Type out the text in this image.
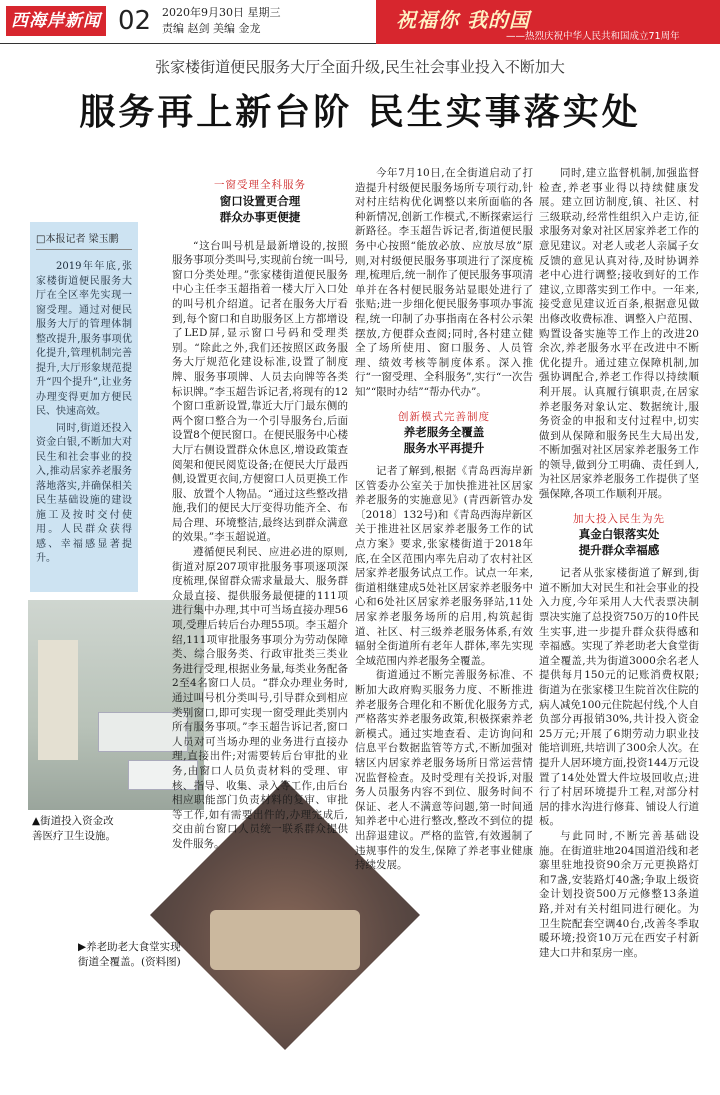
西海岸新闻 02 2020年9月30日 星期三
责编 赵剑 美编 金龙	祝福你 我的国
——热烈庆祝中华人民共和国成立71周年
张家楼街道便民服务大厅全面升级,民生社会事业投入不断加大
服务再上新台阶 民生实事落实处
□本报记者 梁玉鹏

2019年年底,张家楼街道便民服务大厅在全区率先实现一窗受理。通过对便民服务大厅的管理体制整改提升,服务事项优化提升,管理机制完善提升,大厅形象规范提升“四个提升”,让业务办理变得更加方便民民、快速高效。

同时,街道还投入资金白银,不断加大对民生和社会事业的投入,推动居家养老服务落地落实,并确保相关民生基础设施的建设施工及按时交付使用。人民群众获得感、幸福感显著提升。

▲街道投入资金改善医疗卫生设施。
▶养老助老大食堂实现街道全覆盖。(资料图)
一窗受理全科服务
窗口设置更合理
群众办事更便捷

“这台叫号机是最新增设的,按照服务事项分类叫号,实现前台统一叫号,窗口分类处理。”张家楼街道便民服务中心主任李玉超指着一楼大厅入口处的叫号机介绍道。记者在服务大厅看到,每个窗口和自助服务区上方都增设了LED屏,显示窗口号码和受理类别。“除此之外,我们还按照区政务服务大厅规范化建设标准,设置了制度牌、服务事项牌、人员去向牌等各类标识牌。”李玉超告诉记者,将现有的12个窗口重新设置,靠近大厅门最东侧的两个窗口整合为一个引导服务台,后面设置8个便民窗口。在便民服务中心楼大厅右侧设置群众休息区,增设政策查阅架和便民阅览设备;在便民大厅最西侧,设置更衣间,方便窗口人员更换工作服、放置个人物品。“通过这些整改措施,我们的便民大厅变得功能齐全、布局合理、环境整洁,最终达到群众满意的效果。”李玉超说道。

遵循便民利民、应进必进的原则,街道对原207项审批服务事项逐项深度梳理,保留群众需求量最大、服务群众最直接、提供服务最便捷的111项进行集中办理,其中可当场直接办理56项,受理后转后台办理55项。李玉超介绍,111项审批服务事项分为劳动保障类、综合服务类、行政审批类三类业务进行受理,根据业务量,每类业务配备2至4名窗口人员。“群众办理业务时,通过叫号机分类叫号,引导群众到相应类别窗口,即可实现一窗受理此类别内所有服务事项。”李玉超告诉记者,窗口人员对可当场办理的业务进行直接办理,直接出件;对需要转后台审批的业务,由窗口人员负责材料的受理、审核、指导、收集、录入等工作,由后台相应职能部门负责材料的复审、审批等工作,如有需要出件的,办理完成后,交由前台窗口人员统一联系群众提供发件服务。

今年7月10日,在全街道启动了打造提升村级便民服务场所专项行动,针对村庄结构优化调整以来所面临的各种新情况,创新工作模式,不断探索运行新路径。李玉超告诉记者,街道便民服务中心按照“能放必放、应放尽放”原则,对村级便民服务事项进行了深度梳理,梳理后,统一制作了便民服务事项清单并在各村便民服务站显眼处进行了张贴;进一步细化便民服务事项办事流程,统一印制了办事指南在各村公示架摆放,方便群众查阅;同时,各村建立健全了场所使用、窗口服务、人员管理、绩效考核等制度体系。深入推行“一窗受理、全科服务”,实行“一次告知”“限时办结”“帮办代办”。

创新模式完善制度
养老服务全覆盖
服务水平再提升

记者了解到,根据《青岛西海岸新区管委办公室关于加快推进社区居家养老服务的实施意见》(青西新管办发〔2018〕132号)和《青岛西海岸新区关于推进社区居家养老服务工作的试点方案》要求,张家楼街道于2018年底,在全区范围内率先启动了农村社区居家养老服务试点工作。试点一年来,街道相继建成5处社区居家养老服务中心和6处社区居家养老服务驿站,11处居家养老服务场所的启用,构筑起街道、社区、村三级养老服务体系,有效辐射全街道所有老年人群体,率先实现全域范围内养老服务全覆盖。

街道通过不断完善服务标准、不断加大政府购买服务力度、不断推进养老服务合理化和不断优化服务方式,严格落实养老服务政策,积极探索养老新模式。通过实地查看、走访询问和信息平台数据监管等方式,不断加强对辖区内居家养老服务场所日常运营情况监督检查。及时受理有关投诉,对服务人员服务内容不到位、服务时间不保证、老人不满意等问题,第一时间通知养老中心进行整改,整改不到位的提出辞退建议。严格的监管,有效遏制了违规事件的发生,保障了养老事业健康持续发展。

同时,建立监督机制,加强监督检查,养老事业得以持续健康发展。建立回访制度,镇、社区、村三级联动,经常性组织入户走访,征求服务对象对社区居家养老工作的意见建议。对老人或老人亲属子女反馈的意见认真对待,及时协调养老中心进行调整;接收到好的工作建议,立即落实到工作中。一年来,接受意见建议近百条,根据意见做出修改收费标准、调整入户范围、购置设备实施等工作上的改进20余次,养老服务水平在改进中不断优化提升。通过建立保障机制,加强协调配合,养老工作得以持续顺利开展。认真履行镇职责,在居家养老服务对象认定、数据统计,服务资金的申报和支付过程中,切实做到从保障和服务民生大局出发,不断加强对社区居家养老服务工作的领导,做到分工明确、责任到人,为社区居家养老服务工作提供了坚强保障,各项工作顺利开展。

加大投入民生为先
真金白银落实处
提升群众幸福感

记者从张家楼街道了解到,街道不断加大对民生和社会事业的投入力度,今年采用人大代表票决制票决实施了总投资750万的10件民生实事,进一步提升群众获得感和幸福感。实现了养老助老大食堂街道全覆盖,共为街道3000余名老人提供每月150元的记账消费权限;街道为在张家楼卫生院首次住院的病人减免100元住院起付线,个人自负部分再报销30%,共计投入资金25万元;开展了6期劳动力职业技能培训班,共培训了300余人次。在提升人居环境方面,投资144万元设置了14处处置大件垃圾回收点;进行了村居环境提升工程,对部分村居的排水沟进行修葺、铺设人行道板。

与此同时,不断完善基础设施。在街道驻地204国道沿线和老寨里驻地投资90余万元更换路灯和7盏,安装路灯40盏;争取上级资金计划投资500万元修整13条道路,并对有关村组同进行硬化。为卫生院配套空调40台,改善冬季取暖环境;投资10万元在西安子村新建大口井和泵房一座。
